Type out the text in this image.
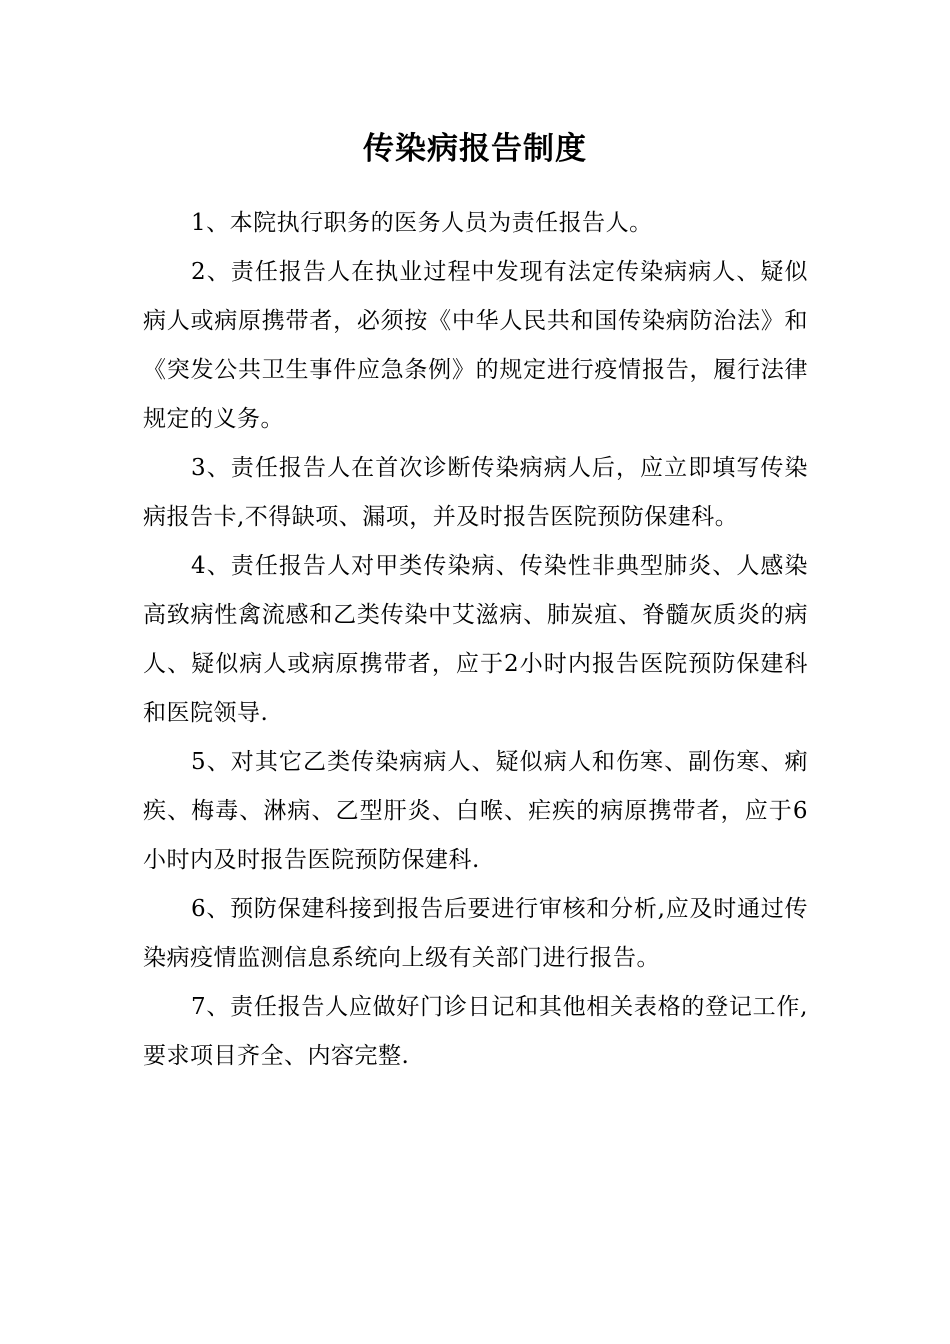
传染病报告制度

1、本院执行职务的医务人员为责任报告人。

2、责任报告人在执业过程中发现有法定传染病病人、疑似病人或病原携带者，必须按《中华人民共和国传染病防治法》和《突发公共卫生事件应急条例》的规定进行疫情报告，履行法律规定的义务。

3、责任报告人在首次诊断传染病病人后，应立即填写传染病报告卡,不得缺项、漏项，并及时报告医院预防保建科。

4、责任报告人对甲类传染病、传染性非典型肺炎、人感染高致病性禽流感和乙类传染中艾滋病、肺炭疽、脊髓灰质炎的病人、疑似病人或病原携带者，应于2小时内报告医院预防保建科和医院领导.

5、对其它乙类传染病病人、疑似病人和伤寒、副伤寒、痢疾、梅毒、淋病、乙型肝炎、白喉、疟疾的病原携带者，应于6小时内及时报告医院预防保建科.

6、预防保建科接到报告后要进行审核和分析,应及时通过传染病疫情监测信息系统向上级有关部门进行报告。

7、责任报告人应做好门诊日记和其他相关表格的登记工作,要求项目齐全、内容完整.
